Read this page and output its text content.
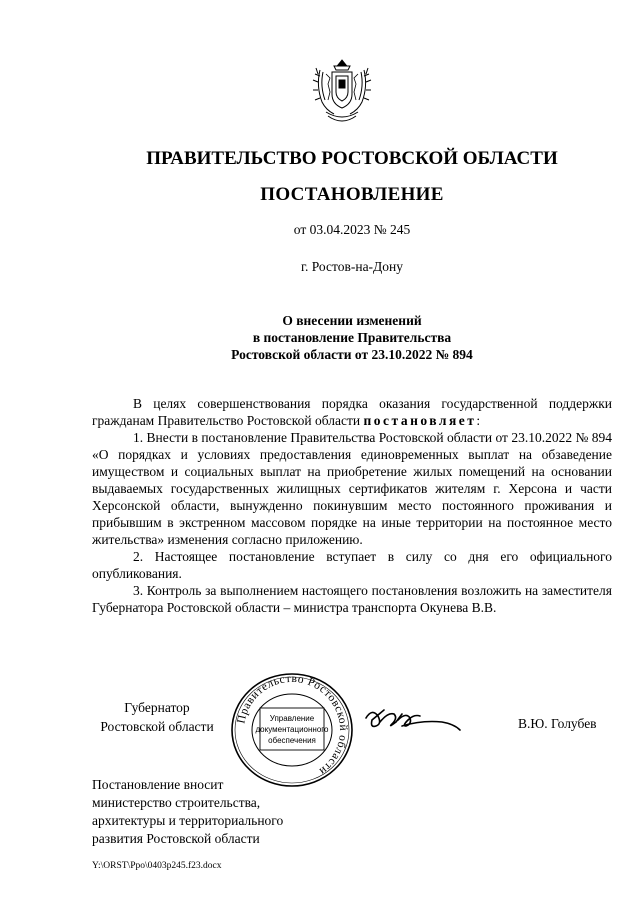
ПРАВИТЕЛЬСТВО РОСТОВСКОЙ ОБЛАСТИ
ПОСТАНОВЛЕНИЕ
от 03.04.2023 № 245
г. Ростов-на-Дону
О внесении изменений
в постановление Правительства
Ростовской области от 23.10.2022 № 894

В целях совершенствования порядка оказания государственной поддержки гражданам Правительство Ростовской области постановляет:

1. Внести в постановление Правительства Ростовской области от 23.10.2022 № 894 «О порядках и условиях предоставления единовременных выплат на обзаведение имуществом и социальных выплат на приобретение жилых помещений на основании выдаваемых государственных жилищных сертификатов жителям г. Херсона и части Херсонской области, вынужденно покинувшим место постоянного проживания и прибывшим в экстренном массовом порядке на иные территории на постоянное место жительства» изменения согласно приложению.

2. Настоящее постановление вступает в силу со дня его официального опубликования.

3. Контроль за выполнением настоящего постановления возложить на заместителя Губернатора Ростовской области – министра транспорта Окунева В.В.

Губернатор
Ростовской области
Правительство Ростовской области
Управление
документационного
обеспечения
В.Ю. Голубев
Постановление вносит
министерство строительства,
архитектуры и территориального
развития Ростовской области
Y:\ORST\Ppo\0403p245.f23.docx
